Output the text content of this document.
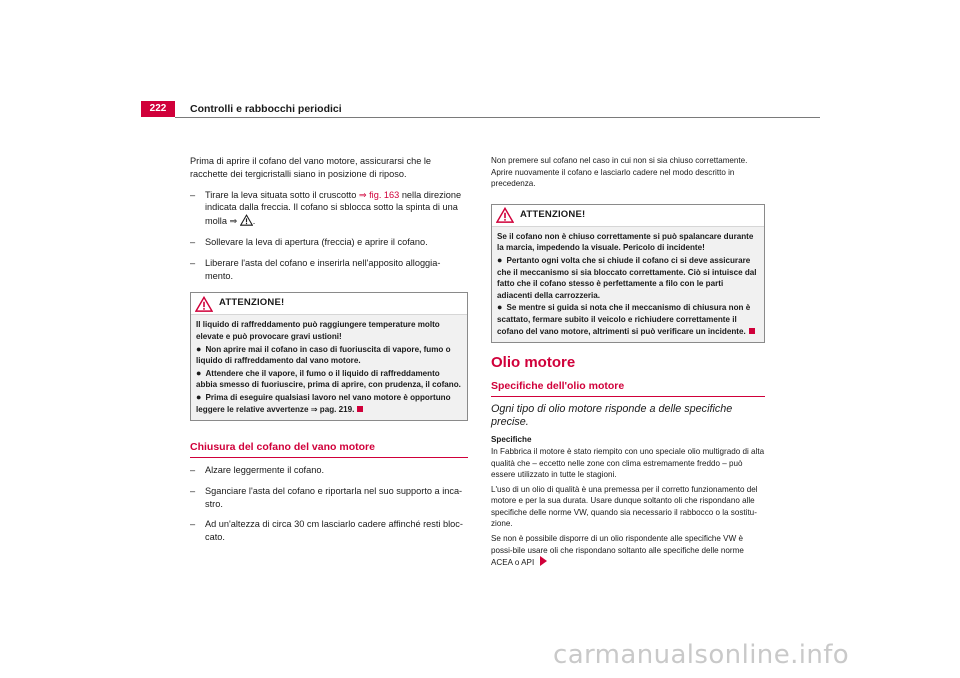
222	Controlli e rabbocchi periodici

Prima di aprire il cofano del vano motore, assicurarsi che le racchette dei tergicristalli siano in posizione di riposo.

– Tirare la leva situata sotto il cruscotto ⇒ fig. 163 nella direzione indicata dalla freccia. Il cofano si sblocca sotto la spinta di una molla ⇒ .
– Sollevare la leva di apertura (freccia) e aprire il cofano.
– Liberare l'asta del cofano e inserirla nell'apposito alloggia-mento.
ATTENZIONE!
Il liquido di raffreddamento può raggiungere temperature molto elevate e può provocare gravi ustioni!
● Non aprire mai il cofano in caso di fuoriuscita di vapore, fumo o liquido di raffreddamento dal vano motore.
● Attendere che il vapore, il fumo o il liquido di raffreddamento abbia smesso di fuoriuscire, prima di aprire, con prudenza, il cofano.
● Prima di eseguire qualsiasi lavoro nel vano motore è opportuno leggere le relative avvertenze ⇒ pag. 219.
Chiusura del cofano del vano motore
– Alzare leggermente il cofano.
– Sganciare l'asta del cofano e riportarla nel suo supporto a inca-stro.
– Ad un'altezza di circa 30 cm lasciarlo cadere affinché resti bloc-cato.

Non premere sul cofano nel caso in cui non si sia chiuso correttamente. Aprire nuovamente il cofano e lasciarlo cadere nel modo descritto in precedenza.

ATTENZIONE!
Se il cofano non è chiuso correttamente si può spalancare durante la marcia, impedendo la visuale. Pericolo di incidente!
● Pertanto ogni volta che si chiude il cofano ci si deve assicurare che il meccanismo si sia bloccato correttamente. Ciò si intuisce dal fatto che il cofano stesso è perfettamente a filo con le parti adiacenti della carrozzeria.
● Se mentre si guida si nota che il meccanismo di chiusura non è scattato, fermare subito il veicolo e richiudere correttamente il cofano del vano motore, altrimenti si può verificare un incidente.
Olio motore
Specifiche dell'olio motore
Ogni tipo di olio motore risponde a delle specifiche precise.
Specifiche

In Fabbrica il motore è stato riempito con uno speciale olio multigrado di alta qualità che – eccetto nelle zone con clima estremamente freddo – può essere utilizzato in tutte le stagioni.

L'uso di un olio di qualità è una premessa per il corretto funzionamento del motore e per la sua durata. Usare dunque soltanto oli che rispondano alle specifiche delle norme VW, quando sia necessario il rabbocco o la sostitu-zione.

Se non è possibile disporre di un olio rispondente alle specifiche VW è possi-bile usare oli che rispondano soltanto alle specifiche delle norme ACEA o API

carmanualsonline.info
